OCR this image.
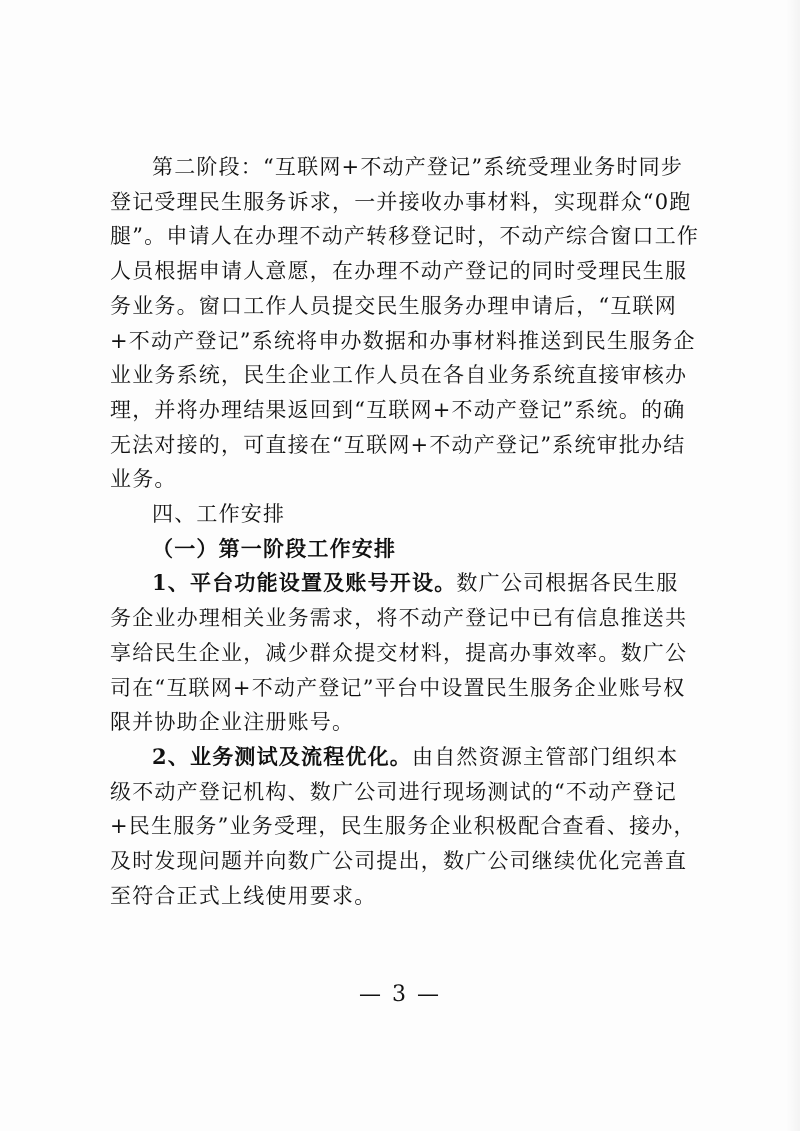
第二阶段：“互联网+不动产登记”系统受理业务时同步登记受理民生服务诉求，一并接收办事材料，实现群众“0跑腿”。申请人在办理不动产转移登记时，不动产综合窗口工作人员根据申请人意愿，在办理不动产登记的同时受理民生服务业务。窗口工作人员提交民生服务办理申请后，“互联网+不动产登记”系统将申办数据和办事材料推送到民生服务企业业务系统，民生企业工作人员在各自业务系统直接审核办理，并将办理结果返回到“互联网+不动产登记”系统。的确无法对接的，可直接在“互联网+不动产登记”系统审批办结业务。

四、工作安排

（一）第一阶段工作安排

1、平台功能设置及账号开设。数广公司根据各民生服务企业办理相关业务需求，将不动产登记中已有信息推送共享给民生企业，减少群众提交材料，提高办事效率。数广公司在“互联网+不动产登记”平台中设置民生服务企业账号权限并协助企业注册账号。

2、业务测试及流程优化。由自然资源主管部门组织本级不动产登记机构、数广公司进行现场测试的“不动产登记+民生服务”业务受理，民生服务企业积极配合查看、接办，及时发现问题并向数广公司提出，数广公司继续优化完善直至符合正式上线使用要求。

— 3 —
